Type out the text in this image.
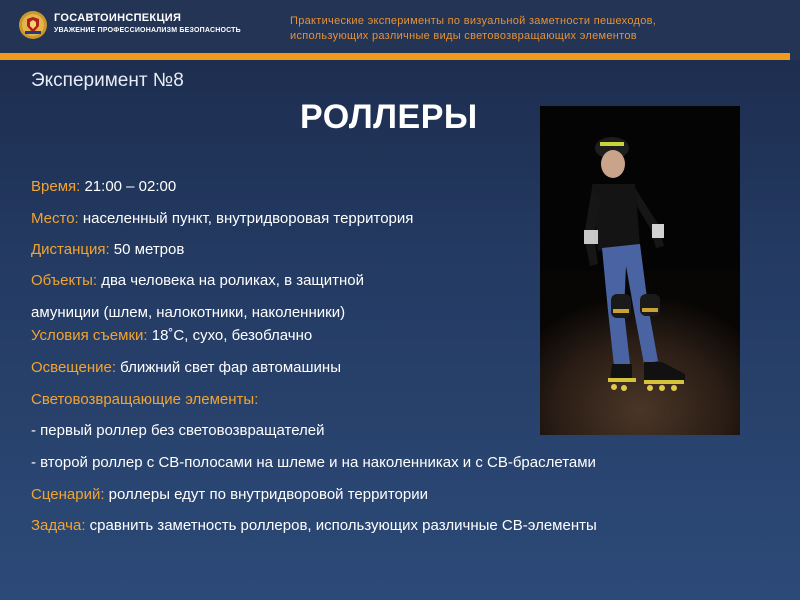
ГОСАВТОИНСПЕКЦИЯ
УВАЖЕНИЕ ПРОФЕССИОНАЛИЗМ БЕЗОПАСНОСТЬ
Практические эксперименты по визуальной заметности пешеходов,
использующих различные виды световозвращающих элементов
Эксперимент №8
РОЛЛЕРЫ
Время: 21:00 – 02:00
Место: населенный пункт, внутридворовая территория
Дистанция: 50 метров
Объекты: два человека на роликах, в защитной
амуниции (шлем, налокотники, наколенники)
Условия съемки: 18˚С, сухо, безоблачно
Освещение: ближний свет фар автомашины
Световозвращающие элементы:
- первый роллер без световозвращателей
- второй роллер с СВ-полосами на шлеме и на наколенниках и с СВ-браслетами
Сценарий: роллеры едут по внутридворовой территории
Задача: сравнить заметность роллеров, использующих различные СВ-элементы
